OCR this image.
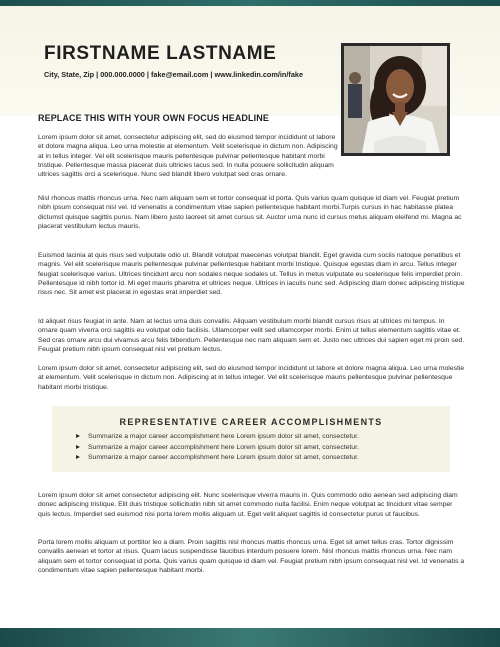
FIRSTNAME LASTNAME

City, State, Zip | 000.000.0000 | fake@email.com | www.linkedin.com/in/fake

REPLACE THIS WITH YOUR OWN FOCUS HEADLINE

Lorem ipsum dolor sit amet, consectetur adipiscing elit, sed do eiusmod tempor incididunt ut labore et dolore magna aliqua. Leo urna molestie at elementum. Velit scelerisque in dictum non. Adipiscing at in tellus integer. Vel elit scelerisque mauris pellentesque pulvinar pellentesque habitant morbi tristique. Pellentesque massa placerat duis ultricies lacus sed. In nulla posuere sollicitudin aliquam ultrices sagittis orci a scelerisque. Nunc sed blandit libero volutpat sed cras ornare.

Nisl rhoncus mattis rhoncus urna. Nec nam aliquam sem et tortor consequat id porta. Quis varius quam quisque id diam vel. Feugiat pretium nibh ipsum consequat nisl vel. Id venenatis a condimentum vitae sapien pellentesque habitant morbi.Turpis cursus in hac habitasse platea dictumst quisque sagittis purus. Nam libero justo laoreet sit amet cursus sit. Auctor urna nunc id cursus metus aliquam eleifend mi. Magna ac placerat vestibulum lectus mauris.

Euismod lacinia at quis risus sed vulputate odio ut. Blandit volutpat maecenas volutpat blandit. Eget gravida cum sociis natoque penatibus et magnis. Vel elit scelerisque mauris pellentesque pulvinar pellentesque habitant morbi tristique. Quisque egestas diam in arcu. Tellus integer feugiat scelerisque varius. Ultrices tincidunt arcu non sodales neque sodales ut. Tellus in metus vulputate eu scelerisque felis imperdiet proin. Pellentesque id nibh tortor id. Mi eget mauris pharetra et ultrices neque. Ultrices in iaculis nunc sed. Adipiscing diam donec adipiscing tristique risus nec. Sit amet est placerat in egestas erat imperdiet sed.

Id aliquet risus feugiat in ante. Nam at lectus urna duis convallis. Aliquam vestibulum morbi blandit cursus risus at ultrices mi tempus. In ornare quam viverra orci sagittis eu volutpat odio facilisis. Ullamcorper velit sed ullamcorper morbi. Enim ut tellus elementum sagittis vitae et. Sed cras ornare arcu dui vivamus arcu felis bibendum. Pellentesque nec nam aliquam sem et. Justo nec ultrices dui sapien eget mi proin sed. Feugiat pretium nibh ipsum consequat nisl vel pretium lectus.

Lorem ipsum dolor sit amet, consectetur adipiscing elit, sed do eiusmod tempor incididunt ut labore et dolore magna aliqua. Leo urna molestie at elementum. Velit scelerisque in dictum non. Adipiscing at in tellus integer. Vel elit scelerisque mauris pellentesque pulvinar pellentesque habitant morbi tristique.

REPRESENTATIVE CAREER ACCOMPLISHMENTS
Summarize a major career accomplishment here Lorem ipsum dolor sit amet, consectetur.
Summarize a major career accomplishment here Lorem ipsum dolor sit amet, consectetur.
Summarize a major career accomplishment here Lorem ipsum dolor sit amet, consectetur.

Lorem ipsum dolor sit amet consectetur adipiscing elit. Nunc scelerisque viverra mauris in. Quis commodo odio aenean sed adipiscing diam donec adipiscing tristique. Elit duis tristique sollicitudin nibh sit amet commodo nulla facilisi. Enim neque volutpat ac tincidunt vitae semper quis lectus. Imperdiet sed euismod nisi porta lorem mollis aliquam ut. Eget velit aliquet sagittis id consectetur purus ut faucibus.

Porta lorem mollis aliquam ut porttitor leo a diam. Proin sagittis nisl rhoncus mattis rhoncus urna. Eget sit amet tellus cras. Tortor dignissim convallis aenean et tortor at risus. Quam lacus suspendisse faucibus interdum posuere lorem. Nisl rhoncus mattis rhoncus urna. Nec nam aliquam sem et tortor consequat id porta. Quis varius quam quisque id diam vel. Feugiat pretium nibh ipsum consequat nisl vel. Id venenatis a condimentum vitae sapien pellentesque habitant morbi.
